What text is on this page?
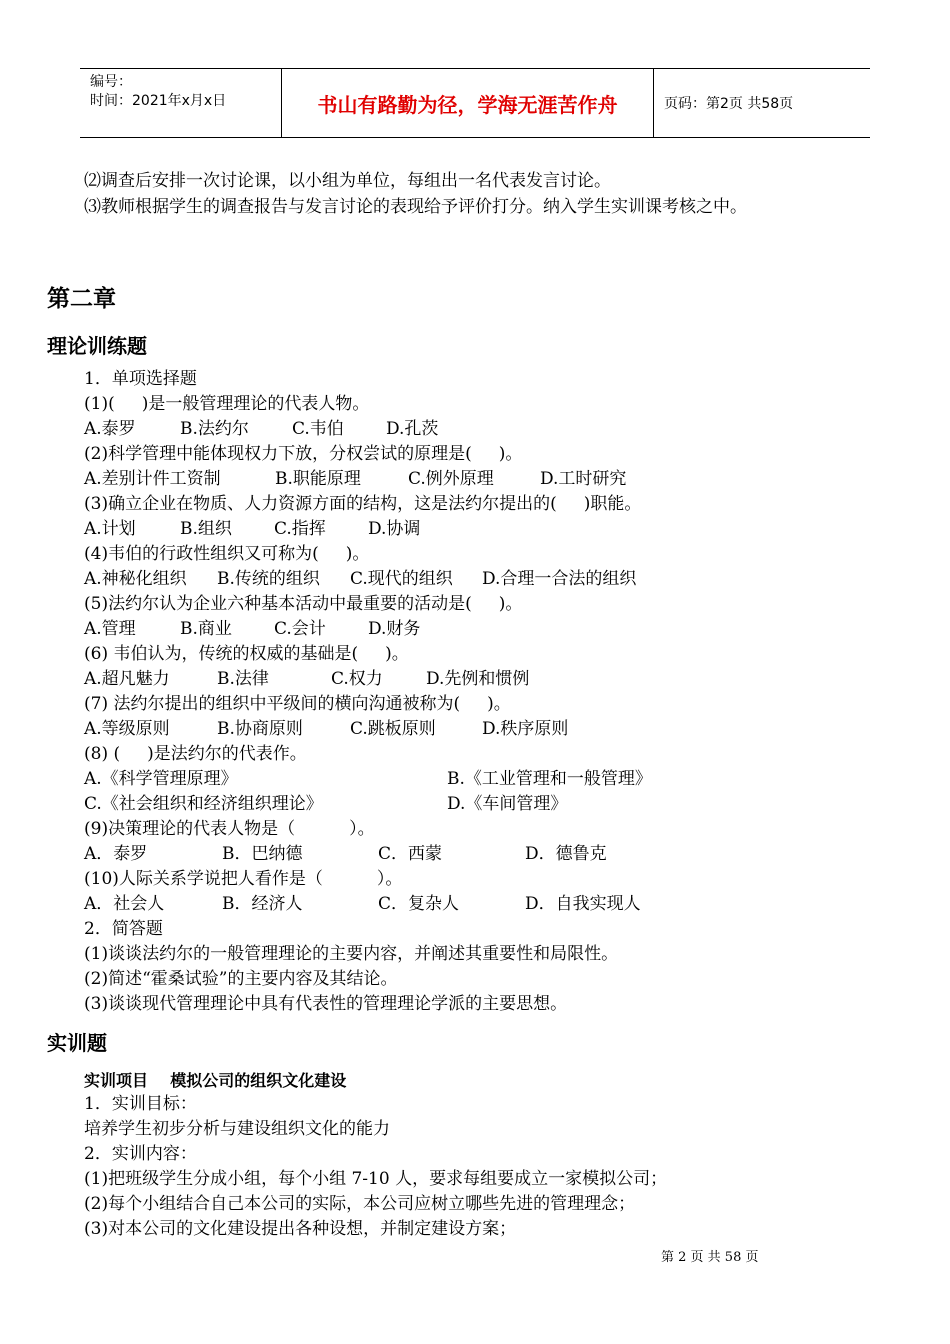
编号：
时间：2021年x月x日	书山有路勤为径，学海无涯苦作舟	页码：第2页 共58页
⑵调查后安排一次讨论课，以小组为单位，每组出一名代表发言讨论。
⑶教师根据学生的调查报告与发言讨论的表现给予评价打分。纳入学生实训课考核之中。
第二章
理论训练题
1．单项选择题
(1)(     )是一般管理理论的代表人物。
A.泰罗	B.法约尔	C.韦伯 D.孔茨
(2)科学管理中能体现权力下放，分权尝试的原理是(     )。
A.差别计件工资制	B.职能原理	C.例外原理	D.工时研究
(3)确立企业在物质、人力资源方面的结构，这是法约尔提出的(     )职能。
A.计划	B.组织 C.指挥 D.协调
(4)韦伯的行政性组织又可称为(     )。
A.神秘化组织 B.传统的组织 C.现代的组织 D.合理一合法的组织
(5)法约尔认为企业六种基本活动中最重要的活动是(     )。
A.管理	B.商业 C.会计 D.财务
(6) 韦伯认为，传统的权威的基础是(     )。
A.超凡魅力	B.法律	C.权力	D.先例和惯例
(7) 法约尔提出的组织中平级间的横向沟通被称为(     )。
A.等级原则	B.协商原则	C.跳板原则	D.秩序原则
(8) (     )是法约尔的代表作。
A.《科学管理原理》	B.《工业管理和一般管理》
C.《社会组织和经济组织理论》	D.《车间管理》
(9)决策理论的代表人物是（          ）。
A．泰罗	B．巴纳德	C．西蒙	D．德鲁克
(10)人际关系学说把人看作是（          ）。
A．社会人	B．经济人	C．复杂人	D．自我实现人
2．简答题
(1)谈谈法约尔的一般管理理论的主要内容，并阐述其重要性和局限性。
(2)简述“霍桑试验”的主要内容及其结论。
(3)谈谈现代管理理论中具有代表性的管理理论学派的主要思想。
实训题
实训项目    模拟公司的组织文化建设
1．实训目标：
培养学生初步分析与建设组织文化的能力
2．实训内容：
(1)把班级学生分成小组，每个小组 7-10 人，要求每组要成立一家模拟公司；
(2)每个小组结合自己本公司的实际，本公司应树立哪些先进的管理理念；
(3)对本公司的文化建设提出各种设想，并制定建设方案；
第 2 页 共 58 页
